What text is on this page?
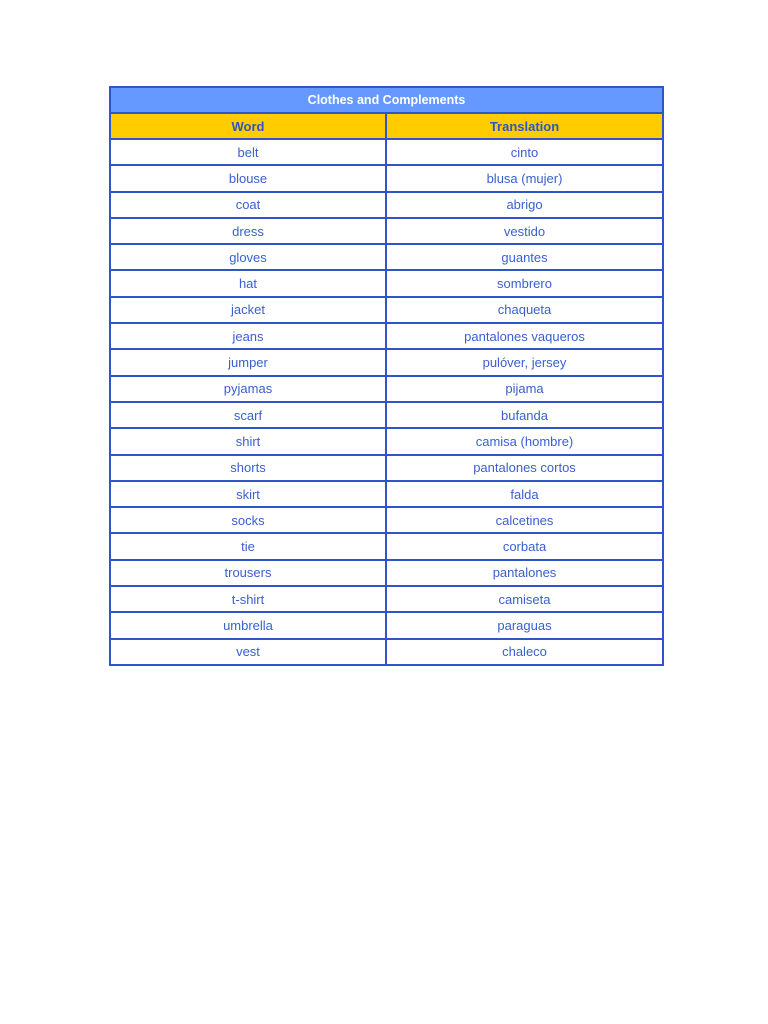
Clothes and Complements	
Word	Translation
belt	cinto
blouse	blusa (mujer)
coat	abrigo
dress	vestido
gloves	guantes
hat	sombrero
jacket	chaqueta
jeans	pantalones vaqueros
jumper	pulóver, jersey
pyjamas	pijama
scarf	bufanda
shirt	camisa (hombre)
shorts	pantalones cortos
skirt	falda
socks	calcetines
tie	corbata
trousers	pantalones
t-shirt	camiseta
umbrella	paraguas
vest	chaleco
